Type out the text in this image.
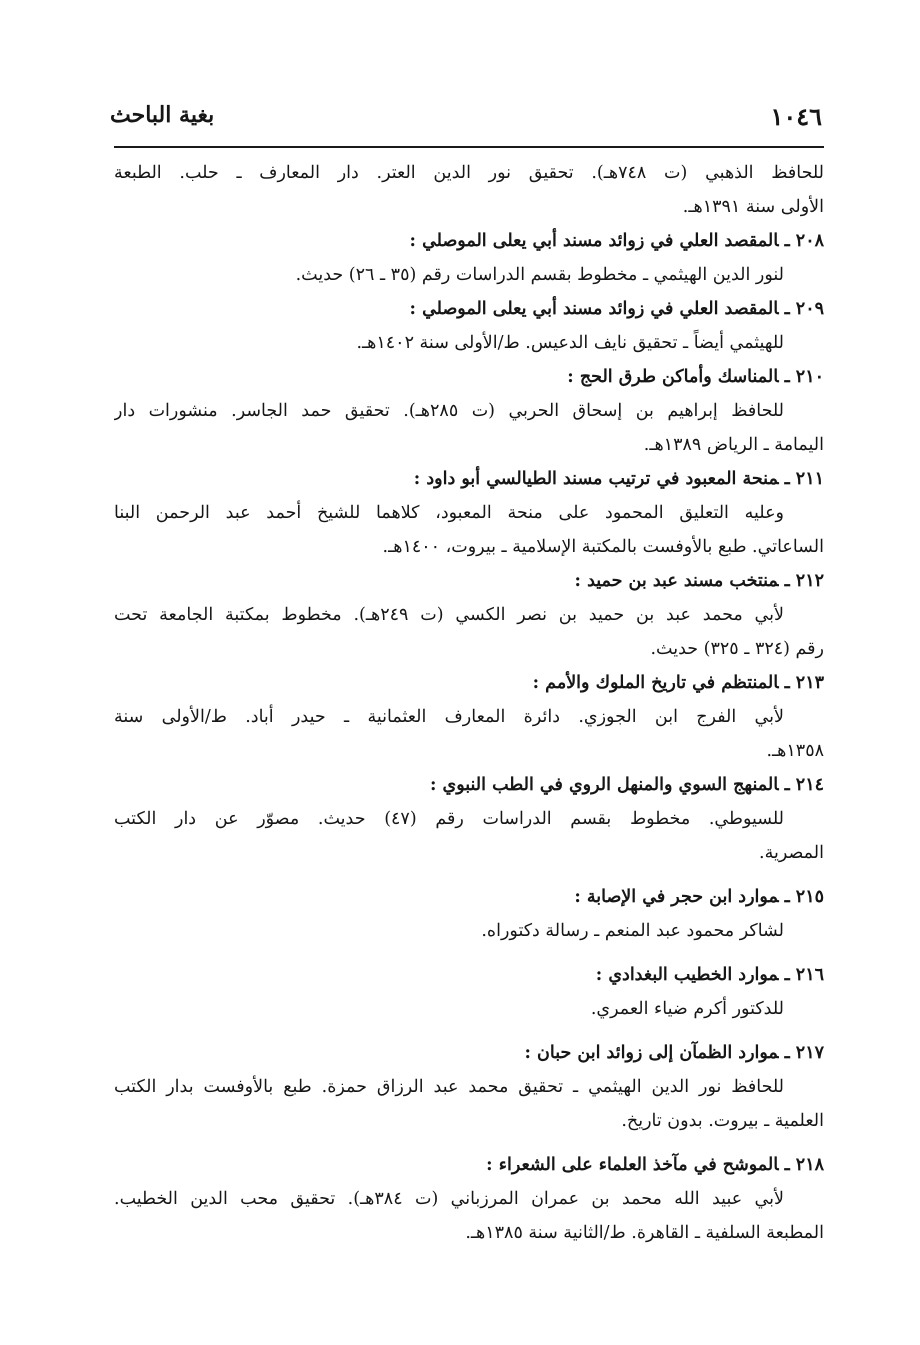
١٠٤٦
بغية الباحث
للحافظ الذهبي (ت ٧٤٨هـ). تحقيق نور الدين العتر. دار المعارف ـ حلب. الطبعة
الأولى سنة ١٣٩١هـ.
٢٠٨ ـالمقصد العلي في زوائد مسند أبي يعلى الموصلي :
لنور الدين الهيثمي ـ مخطوط بقسم الدراسات رقم (٣٥ ـ ٢٦) حديث.
٢٠٩ ـالمقصد العلي في زوائد مسند أبي يعلى الموصلي :
للهيثمي أيضاً ـ تحقيق نايف الدعيس. ط/الأولى سنة ١٤٠٢هـ.
٢١٠ ـالمناسك وأماكن طرق الحج :
للحافظ إبراهيم بن إسحاق الحربي (ت ٢٨٥هـ). تحقيق حمد الجاسر. منشورات دار
اليمامة ـ الرياض ١٣٨٩هـ.
٢١١ ـمنحة المعبود في ترتيب مسند الطيالسي أبو داود :
وعليه التعليق المحمود على منحة المعبود، كلاهما للشيخ أحمد عبد الرحمن البنا
الساعاتي. طبع بالأوفست بالمكتبة الإسلامية ـ بيروت، ١٤٠٠هـ.
٢١٢ ـمنتخب مسند عبد بن حميد :
لأبي محمد عبد بن حميد بن نصر الكسي (ت ٢٤٩هـ). مخطوط بمكتبة الجامعة تحت
رقم (٣٢٤ ـ ٣٢٥) حديث.
٢١٣ ـالمنتظم في تاريخ الملوك والأمم :
لأبي الفرج ابن الجوزي. دائرة المعارف العثمانية ـ حيدر أباد. ط/الأولى سنة
١٣٥٨هـ.
٢١٤ ـالمنهج السوي والمنهل الروي في الطب النبوي :
للسيوطي. مخطوط بقسم الدراسات رقم (٤٧) حديث. مصوّر عن دار الكتب
المصرية.
٢١٥ ـموارد ابن حجر في الإصابة :
لشاكر محمود عبد المنعم ـ رسالة دكتوراه.
٢١٦ ـموارد الخطيب البغدادي :
للدكتور أكرم ضياء العمري.
٢١٧ ـموارد الظمآن إلى زوائد ابن حبان :
للحافظ نور الدين الهيثمي ـ تحقيق محمد عبد الرزاق حمزة. طبع بالأوفست بدار الكتب
العلمية ـ بيروت. بدون تاريخ.
٢١٨ ـالموشح في مآخذ العلماء على الشعراء :
لأبي عبيد الله محمد بن عمران المرزباني (ت ٣٨٤هـ). تحقيق محب الدين الخطيب.
المطبعة السلفية ـ القاهرة. ط/الثانية سنة ١٣٨٥هـ.
